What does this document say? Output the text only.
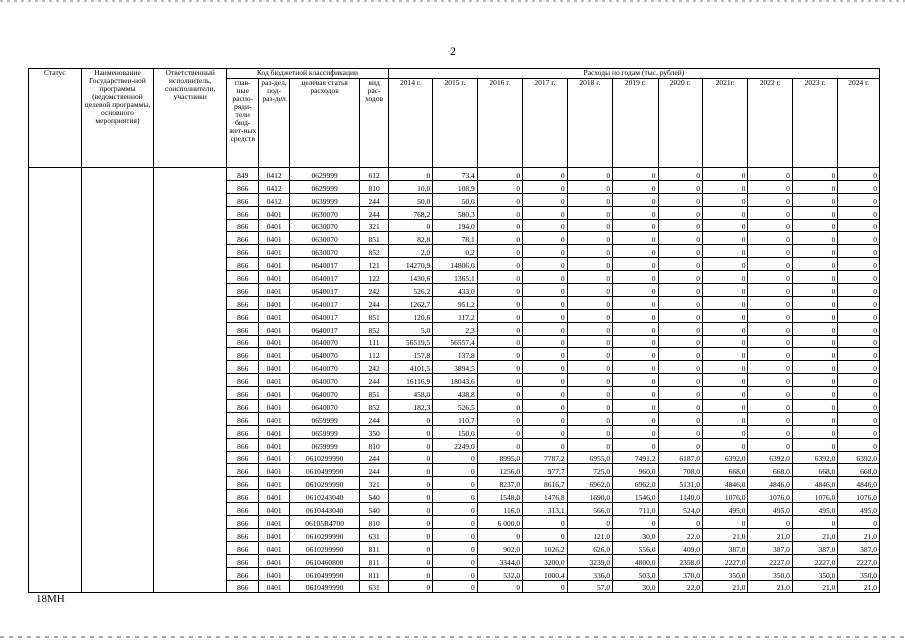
2
Статус	Наименование Государствен-ной программы (ведомственной целевой программы, основного мероприятия)	Ответственный исполнитель, соисполнители, участники	Код бюджетной классификации				Расходы по годам (тыс. рублей)										
			глав-ные распо-ряди-тели бюд-жет-ных средств	раз-дел, под-раз-дел	целевая статья расходов	вид рас-ходов	2014 г.	2015 г.	2016 г.	2017 г.	2018 г.	2019 г.	2020 г.	2021г.	2022 г.	2023 г.	2024 г.
			849	0412	0629999	612	0	73,4	0	0	0	0	0	0	0	0	0
			866	0412	0629999	810	10,0	108,9	0	0	0	0	0	0	0	0	0
			866	0412	0639999	244	50,0	50,0	0	0	0	0	0	0	0	0	0
			866	0401	0630070	244	768,2	580,3	0	0	0	0	0	0	0	0	0
			866	0401	0630070	321	0	194,0	0	0	0	0	0	0	0	0	0
			866	0401	0630070	851	82,8	78,1	0	0	0	0	0	0	0	0	0
			866	0401	0630070	852	2,0	0,2	0	0	0	0	0	0	0	0	0
			866	0401	0640017	121	14270,9	14806,0	0	0	0	0	0	0	0	0	0
			866	0401	0640017	122	1430,6	1365,1	0	0	0	0	0	0	0	0	0
			866	0401	0640017	242	526,2	433,0	0	0	0	0	0	0	0	0	0
			866	0401	0640017	244	1262,7	951,2	0	0	0	0	0	0	0	0	0
			866	0401	0640017	851	120,6	117,2	0	0	0	0	0	0	0	0	0
			866	0401	0640017	852	5,0	2,3	0	0	0	0	0	0	0	0	0
			866	0401	0640070	111	56519,5	56557,4	0	0	0	0	0	0	0	0	0
			866	0401	0640070	112	157,8	137,8	0	0	0	0	0	0	0	0	0
			866	0401	0640070	242	4101,5	3894,5	0	0	0	0	0	0	0	0	0
			866	0401	0640070	244	16116,9	18043,6	0	0	0	0	0	0	0	0	0
			866	0401	0640070	851	458,0	438,8	0	0	0	0	0	0	0	0	0
			866	0401	0640070	852	182,3	526,5	0	0	0	0	0	0	0	0	0
			866	0401	0659999	244	0	110,7	0	0	0	0	0	0	0	0	0
			866	0401	0659999	350	0	150,0	0	0	0	0	0	0	0	0	0
			866	0401	0659999	810	0	2249,0	0	0	0	0	0	0	0	0	0
			866	0401	0610299990	244	0	0	8995,0	7787,2	6955,0	7491,2	6187,0	6392,0	6392,0	6392,0	6392,0
			866	0401	0610499990	244	0	0	1256,0	977,7	725,0	960,0	708,0	668,0	668,0	668,0	668,0
			866	0401	0610299990	321	0	0	8237,0	8616,7	6962,0	6962,0	5131,0	4846,0	4846,0	4846,0	4846,0
			866	0401	0610243040	540	0	0	1548,0	1476,8	1690,0	1546,0	1140,0	1076,0	1076,0	1076,0	1076,0
			866	0401	0610443040	540	0	0	116,0	313,1	566,0	711,0	524,0	495,0	495,0	495,0	495,0
			866	0401	06105R4700	810	0	0	6 000,0	0	0	0	0	0	0	0	0
			866	0401	0610299990	631	0	0	0	0	121,0	30,0	22,0	21,0	21,0	21,0	21,0
			866	0401	0610299990	811	0	0	902,0	1026,2	626,0	556,0	409,0	387,0	387,0	387,0	387,0
			866	0401	0610460800	811	0	0	3344,0	3200,0	3239,0	4800,0	2358,0	2227,0	2227,0	2227,0	2227,0
			866	0401	0610499990	811	0	0	532,0	1000,4	336,0	503,0	370,0	350,0	350,0	350,0	350,0
			866	0401	0610499990	631	0	0	0	0	57,0	30,0	22,0	21,0	21,0	21,0	21,0
18МН
